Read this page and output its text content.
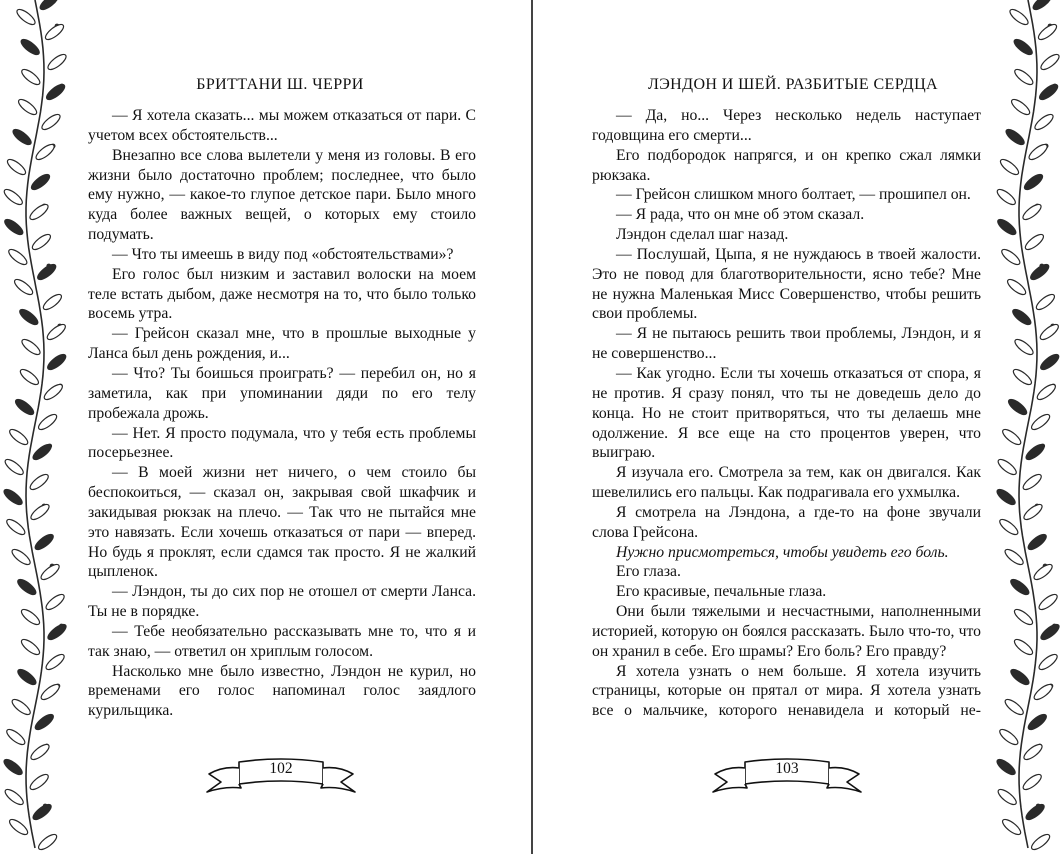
БРИТТАНИ Ш. ЧЕРРИ

— Я хотела сказать... мы можем отказаться от пари. С учетом всех обстоятельств...

Внезапно все слова вылетели у меня из головы. В его жизни было достаточно проблем; последнее, что было ему нужно, — какое-то глупое детское пари. Было много куда более важных вещей, о которых ему стоило подумать.

— Что ты имеешь в виду под «обстоятельствами»?

Его голос был низким и заставил волоски на моем теле встать дыбом, даже несмотря на то, что было только восемь утра.

— Грейсон сказал мне, что в прошлые выходные у Ланса был день рождения, и...

— Что? Ты боишься проиграть? — перебил он, но я заметила, как при упоминании дяди по его телу пробежала дрожь.

— Нет. Я просто подумала, что у тебя есть проблемы посерьезнее.

— В моей жизни нет ничего, о чем стоило бы беспокоиться, — сказал он, закрывая свой шкафчик и закидывая рюкзак на плечо. — Так что не пытайся мне это навязать. Если хочешь отказаться от пари — вперед. Но будь я проклят, если сдамся так просто. Я не жалкий цыпленок.

— Лэндон, ты до сих пор не отошел от смерти Ланса. Ты не в порядке.

— Тебе необязательно рассказывать мне то, что я и так знаю, — ответил он хриплым голосом.

Насколько мне было известно, Лэндон не курил, но временами его голос напоминал голос заядлого курильщика.

102
ЛЭНДОН И ШЕЙ. РАЗБИТЫЕ СЕРДЦА

— Да, но... Через несколько недель наступает годовщина его смерти...

Его подбородок напрягся, и он крепко сжал лямки рюкзака.

— Грейсон слишком много болтает, — прошипел он.

— Я рада, что он мне об этом сказал.

Лэндон сделал шаг назад.

— Послушай, Цыпа, я не нуждаюсь в твоей жалости. Это не повод для благотворительности, ясно тебе? Мне не нужна Маленькая Мисс Совершенство, чтобы решить свои проблемы.

— Я не пытаюсь решить твои проблемы, Лэндон, и я не совершенство...

— Как угодно. Если ты хочешь отказаться от спора, я не против. Я сразу понял, что ты не доведешь дело до конца. Но не стоит притворяться, что ты делаешь мне одолжение. Я все еще на сто процентов уверен, что выиграю.

Я изучала его. Смотрела за тем, как он двигался. Как шевелились его пальцы. Как подрагивала его ухмылка.

Я смотрела на Лэндона, а где-то на фоне звучали слова Грейсона.

Нужно присмотреться, чтобы увидеть его боль.

Его глаза.

Его красивые, печальные глаза.

Они были тяжелыми и несчастными, наполненными историей, которую он боялся рассказать. Было что-то, что он хранил в себе. Его шрамы? Его боль? Его правду?

Я хотела узнать о нем больше. Я хотела изучить страницы, которые он прятал от мира. Я хотела узнать все о мальчике, которого ненавидела и который не-

103
